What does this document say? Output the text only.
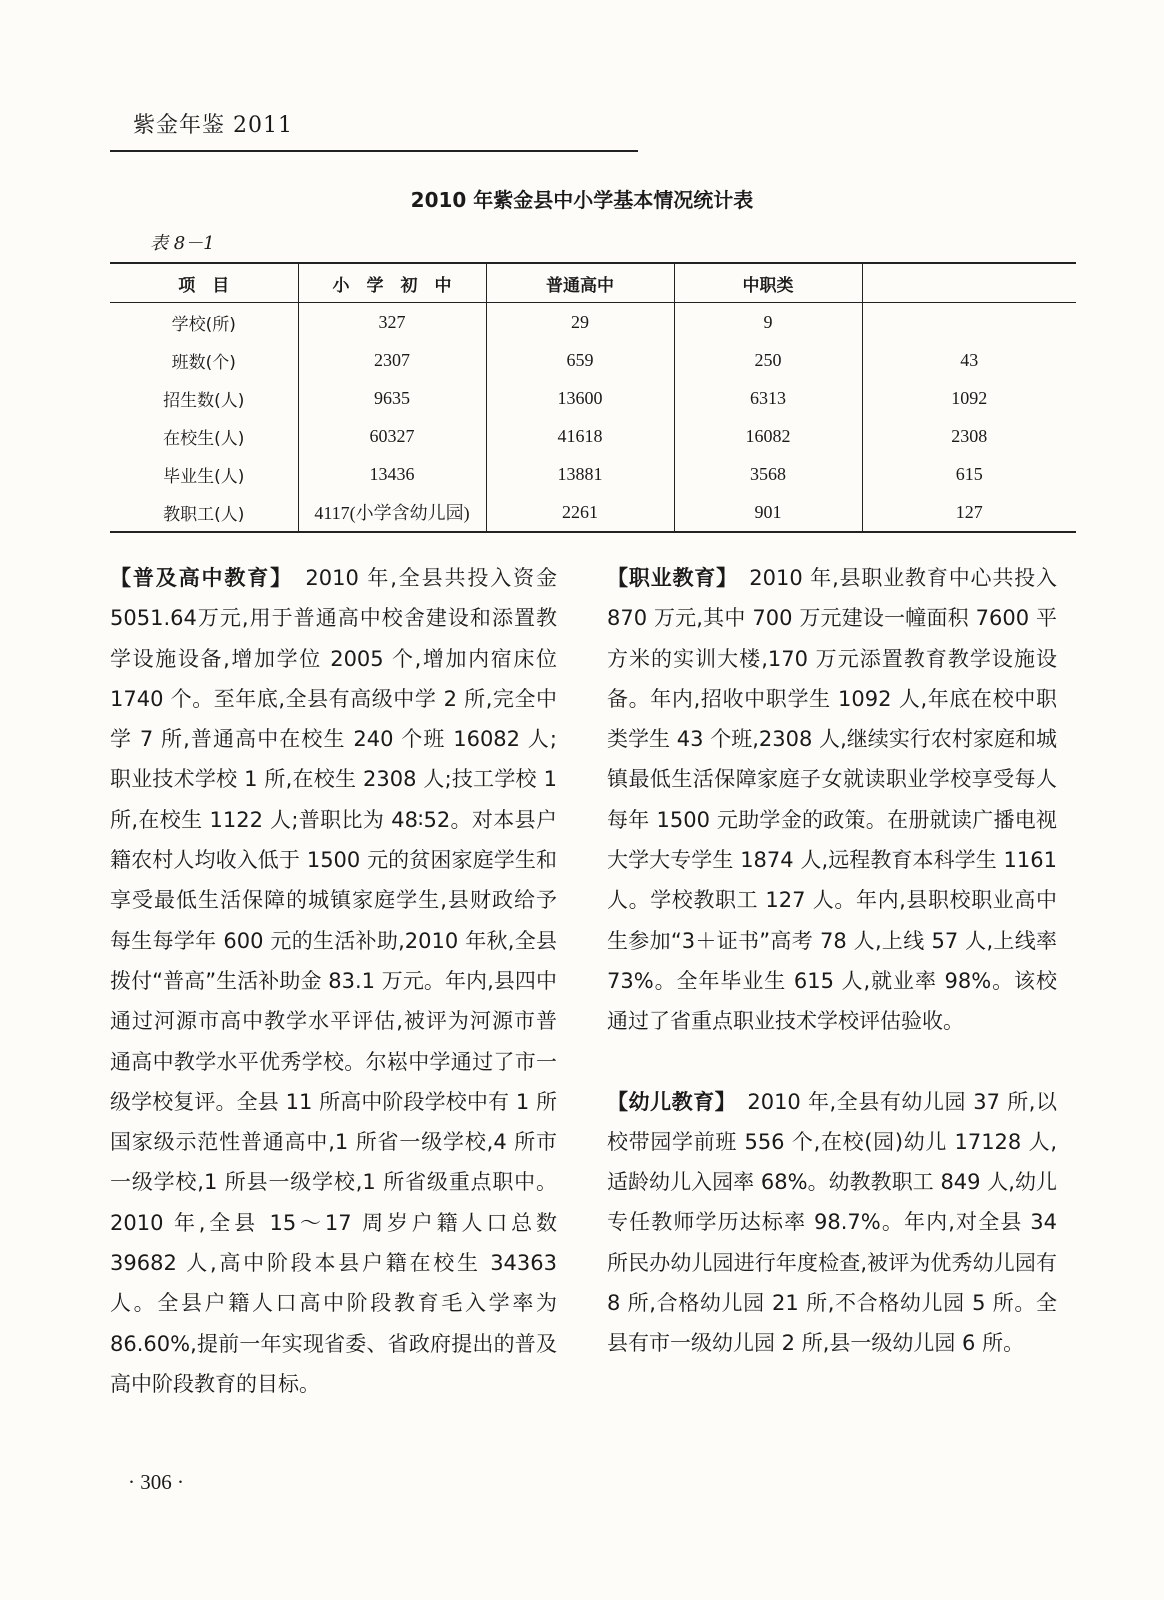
紫金年鉴 2011
2010 年紫金县中小学基本情况统计表
表 8－1
项　目	小　学　初　中	普通高中	中职类	
学校(所)	327	29	9	
班数(个)	2307	659	250	43
招生数(人)	9635	13600	6313	1092
在校生(人)	60327	41618	16082	2308
毕业生(人)	13436	13881	3568	615
教职工(人)	4117(小学含幼儿园)	2261	901	127
【普及高中教育】　2010 年,全县共投入资金 5051.64万元,用于普通高中校舍建设和添置教学设施设备,增加学位 2005 个,增加内宿床位 1740 个。至年底,全县有高级中学 2 所,完全中学 7 所,普通高中在校生 240 个班 16082 人;职业技术学校 1 所,在校生 2308 人;技工学校 1 所,在校生 1122 人;普职比为 48∶52。对本县户籍农村人均收入低于 1500 元的贫困家庭学生和享受最低生活保障的城镇家庭学生,县财政给予每生每学年 600 元的生活补助,2010 年秋,全县拨付“普高”生活补助金 83.1 万元。年内,县四中通过河源市高中教学水平评估,被评为河源市普通高中教学水平优秀学校。尔崧中学通过了市一级学校复评。全县 11 所高中阶段学校中有 1 所国家级示范性普通高中,1 所省一级学校,4 所市一级学校,1 所县一级学校,1 所省级重点职中。2010 年,全县 15～17 周岁户籍人口总数 39682 人,高中阶段本县户籍在校生 34363 人。全县户籍人口高中阶段教育毛入学率为 86.60%,提前一年实现省委、省政府提出的普及高中阶段教育的目标。
【职业教育】　2010 年,县职业教育中心共投入 870 万元,其中 700 万元建设一幢面积 7600 平方米的实训大楼,170 万元添置教育教学设施设备。年内,招收中职学生 1092 人,年底在校中职类学生 43 个班,2308 人,继续实行农村家庭和城镇最低生活保障家庭子女就读职业学校享受每人每年 1500 元助学金的政策。在册就读广播电视大学大专学生 1874 人,远程教育本科学生 1161 人。学校教职工 127 人。年内,县职校职业高中生参加“3＋证书”高考 78 人,上线 57 人,上线率 73%。全年毕业生 615 人,就业率 98%。该校通过了省重点职业技术学校评估验收。
【幼儿教育】　2010 年,全县有幼儿园 37 所,以校带园学前班 556 个,在校(园)幼儿 17128 人,适龄幼儿入园率 68%。幼教教职工 849 人,幼儿专任教师学历达标率 98.7%。年内,对全县 34 所民办幼儿园进行年度检查,被评为优秀幼儿园有 8 所,合格幼儿园 21 所,不合格幼儿园 5 所。全县有市一级幼儿园 2 所,县一级幼儿园 6 所。
· 306 ·
